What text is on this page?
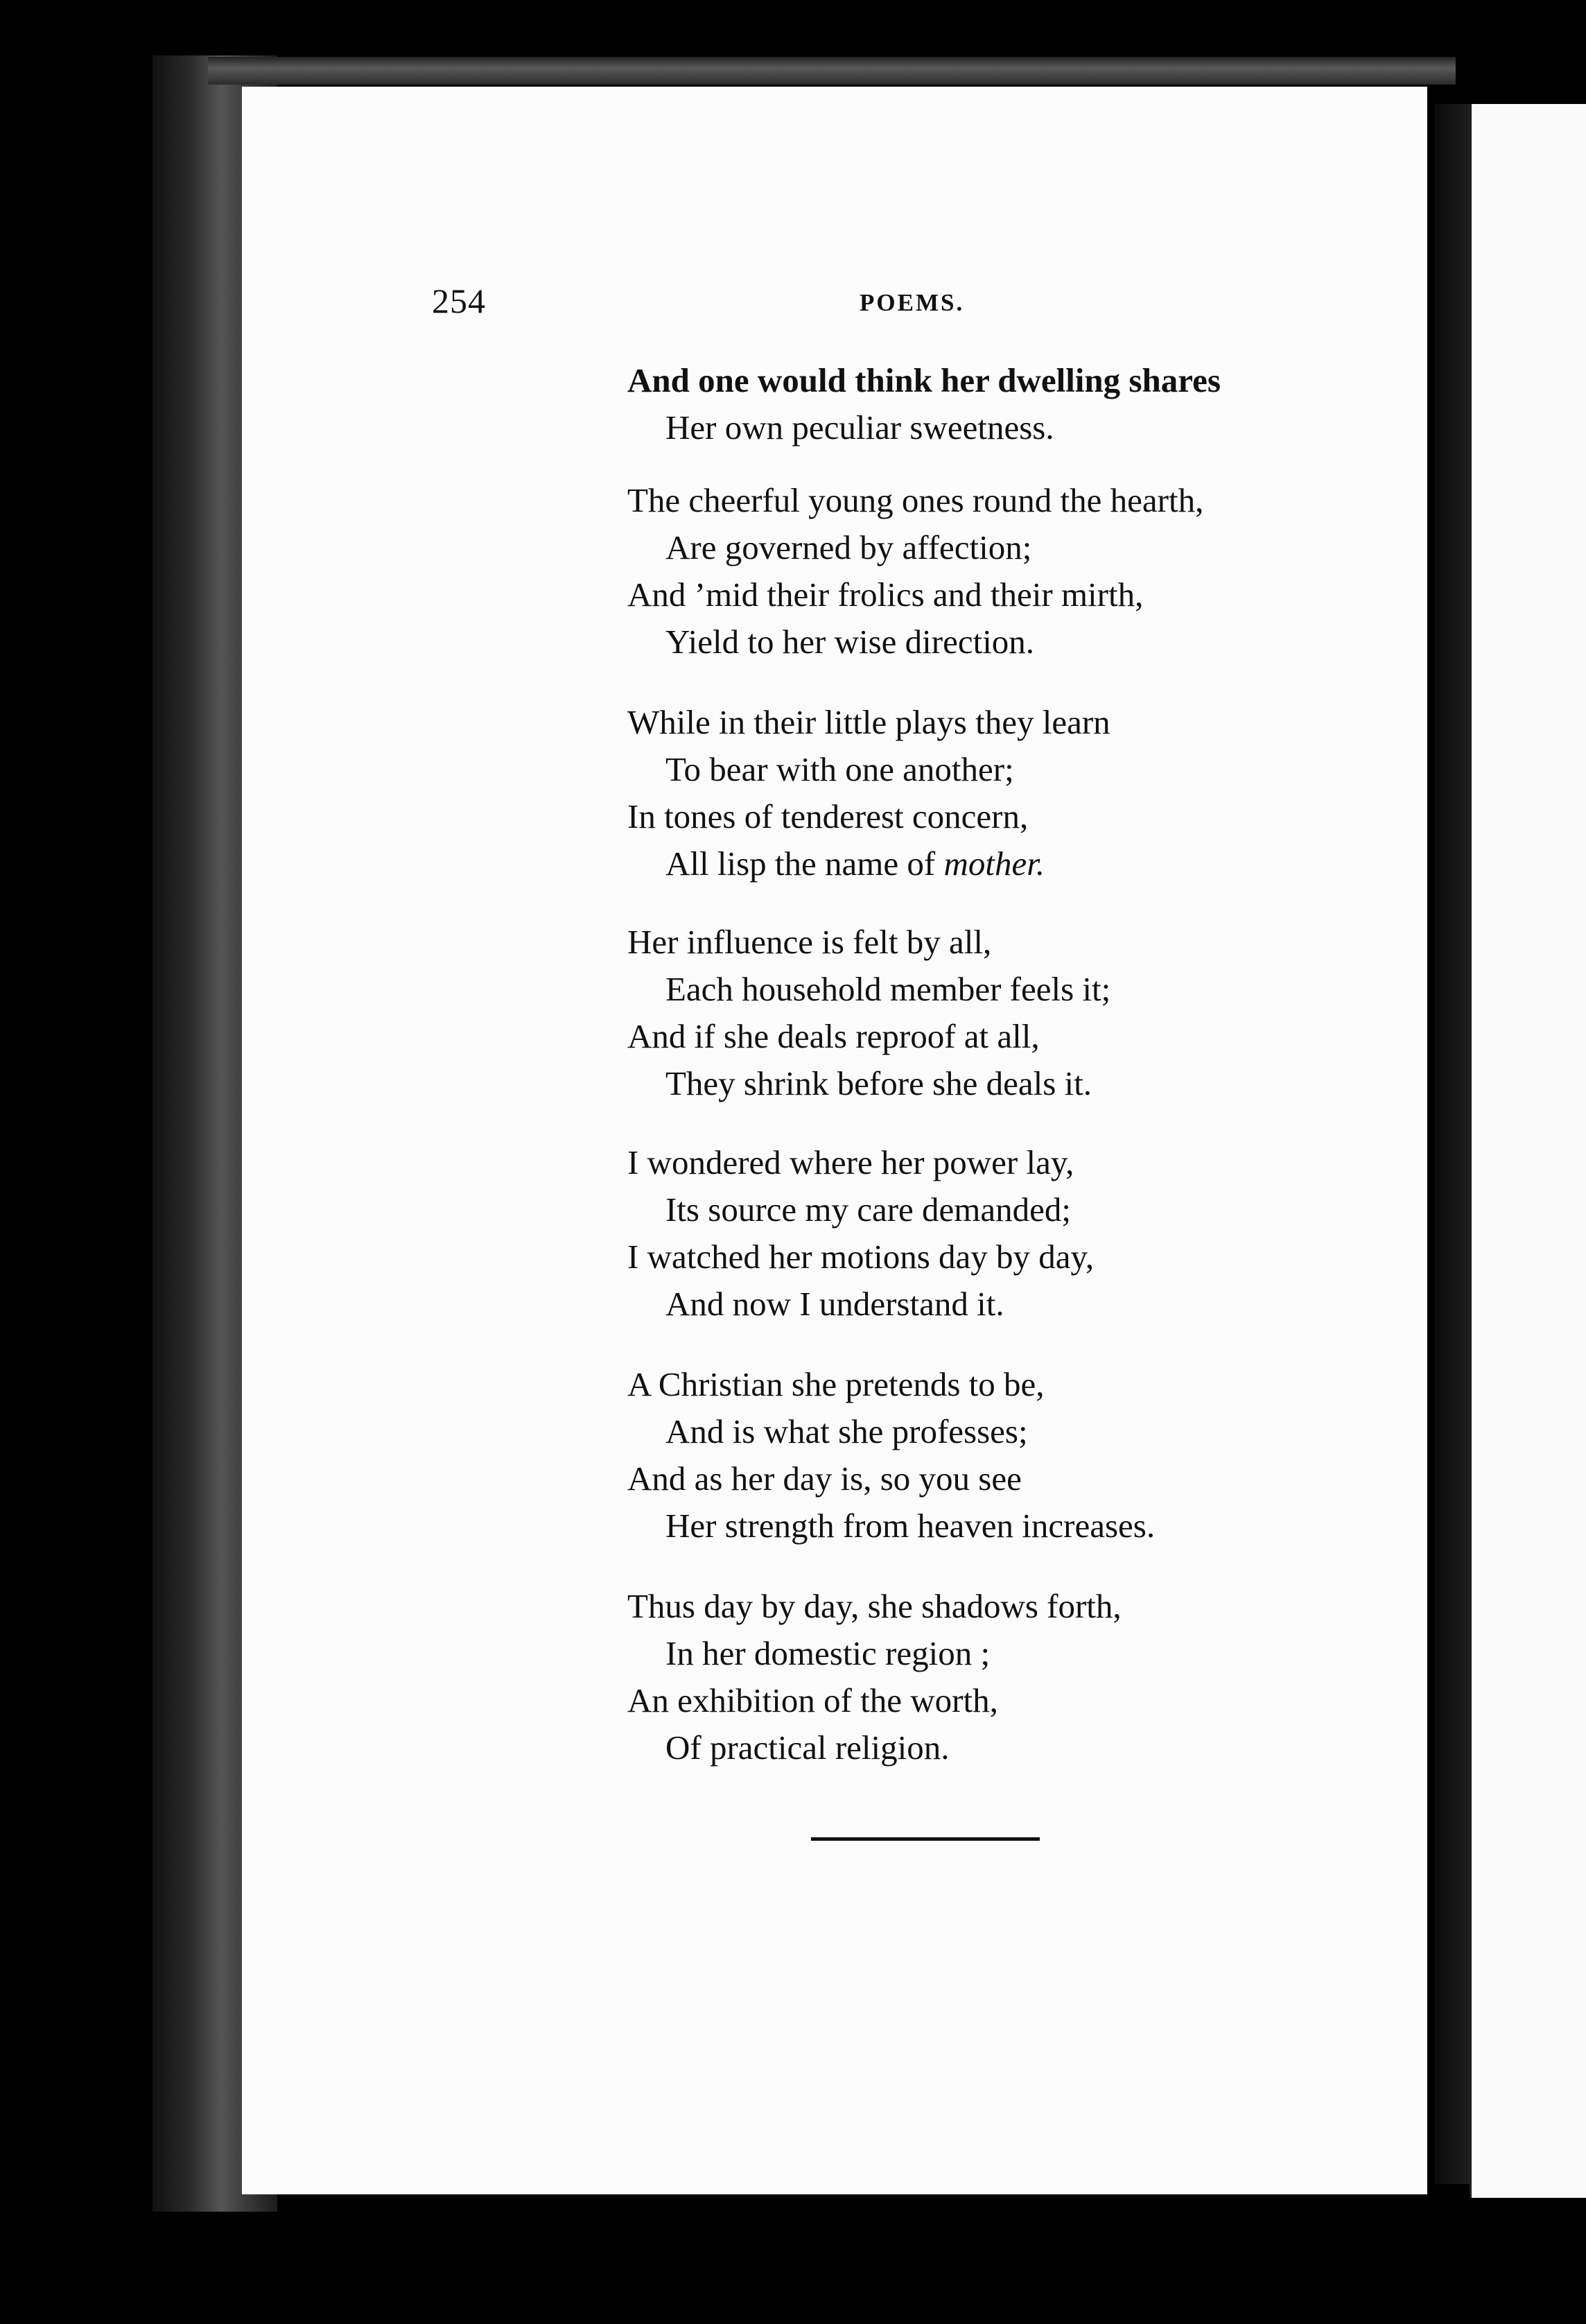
254	POEMS.
And one would think her dwelling shares
Her own peculiar sweetness.
The cheerful young ones round the hearth,
Are governed by affection;
And ’mid their frolics and their mirth,
Yield to her wise direction.
While in their little plays they learn
To bear with one another;
In tones of tenderest concern,
All lisp the name of mother.
Her influence is felt by all,
Each household member feels it;
And if she deals reproof at all,
They shrink before she deals it.
I wondered where her power lay,
Its source my care demanded;
I watched her motions day by day,
And now I understand it.
A Christian she pretends to be,
And is what she professes;
And as her day is, so you see
Her strength from heaven increases.
Thus day by day, she shadows forth,
In her domestic region ;
An exhibition of the worth,
Of practical religion.
